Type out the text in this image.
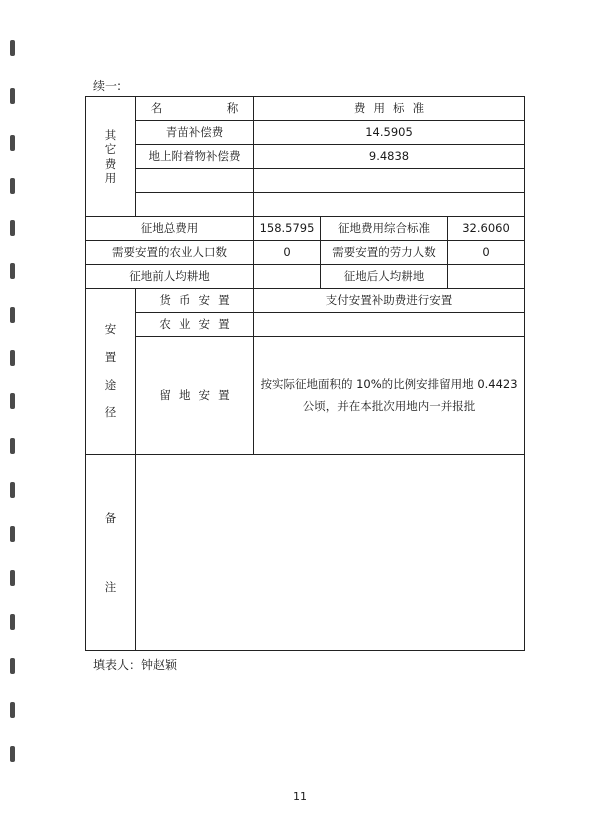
续一:
其
它
费
用	名　　称	费用标准		
	青苗补偿费	14.5905		
	地上附着物补偿费	9.4838		

征地总费用		158.5795	征地费用综合标准	32.6060
需要安置的农业人口数		0	需要安置的劳力人数	0
征地前人均耕地			征地后人均耕地	

安
置
途
径	货币安置	支付安置补助费进行安置		
	农业安置			
	留地安置	按实际征地面积的 10%的比例安排留用地 0.4423 公顷，并在本批次用地内一并报批		

备
注				

填表人：钟赵颖
11
